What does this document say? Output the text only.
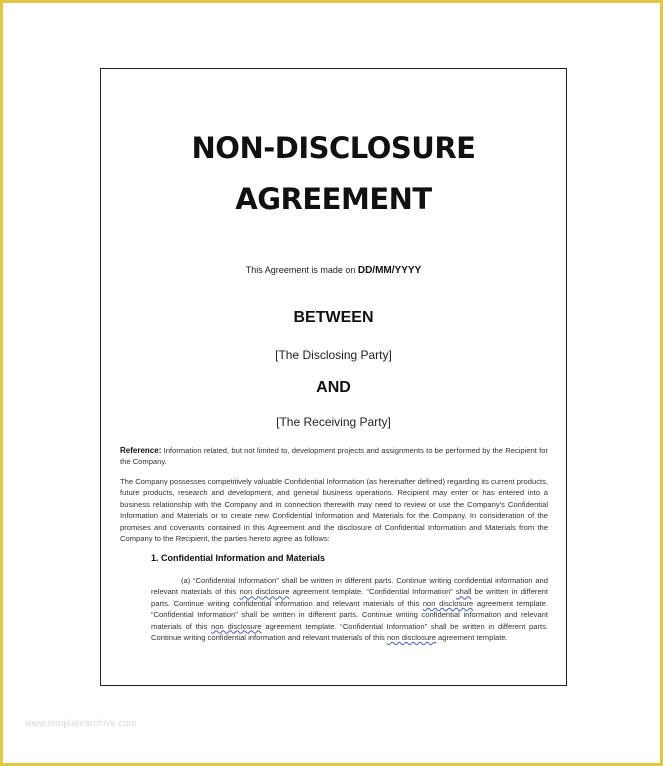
NON-DISCLOSURE
AGREEMENT
This Agreement is made on DD/MM/YYYY
BETWEEN
[The Disclosing Party]
AND
[The Receiving Party]
Reference: Information related, but not limited to, development projects and assignments to be performed by the Recipient for the Company.
The Company possesses competitively valuable Confidential Information (as hereinafter defined) regarding its current products, future products, research and development, and general business operations. Recipient may enter or has entered into a business relationship with the Company and in connection therewith may need to review or use the Company’s Confidential Information and Materials or to create new Confidential Information and Materials for the Company. In consideration of the promises and covenants contained in this Agreement and the disclosure of Confidential Information and Materials from the Company to the Recipient, the parties hereto agree as follows:
1. Confidential Information and Materials
(a) “Confidential Information” shall be written in different parts. Continue writing confidential information and relevant materials of this non disclosure agreement template. “Confidential Information” shall be written in different parts. Continue writing confidential information and relevant materials of this non disclosure agreement template. “Confidential Information” shall be written in different parts. Continue writing confidential information and relevant materials of this non disclosure agreement template. “Confidential Information” shall be written in different parts. Continue writing confidential information and relevant materials of this non disclosure agreement template.
www.templatearchive.com
